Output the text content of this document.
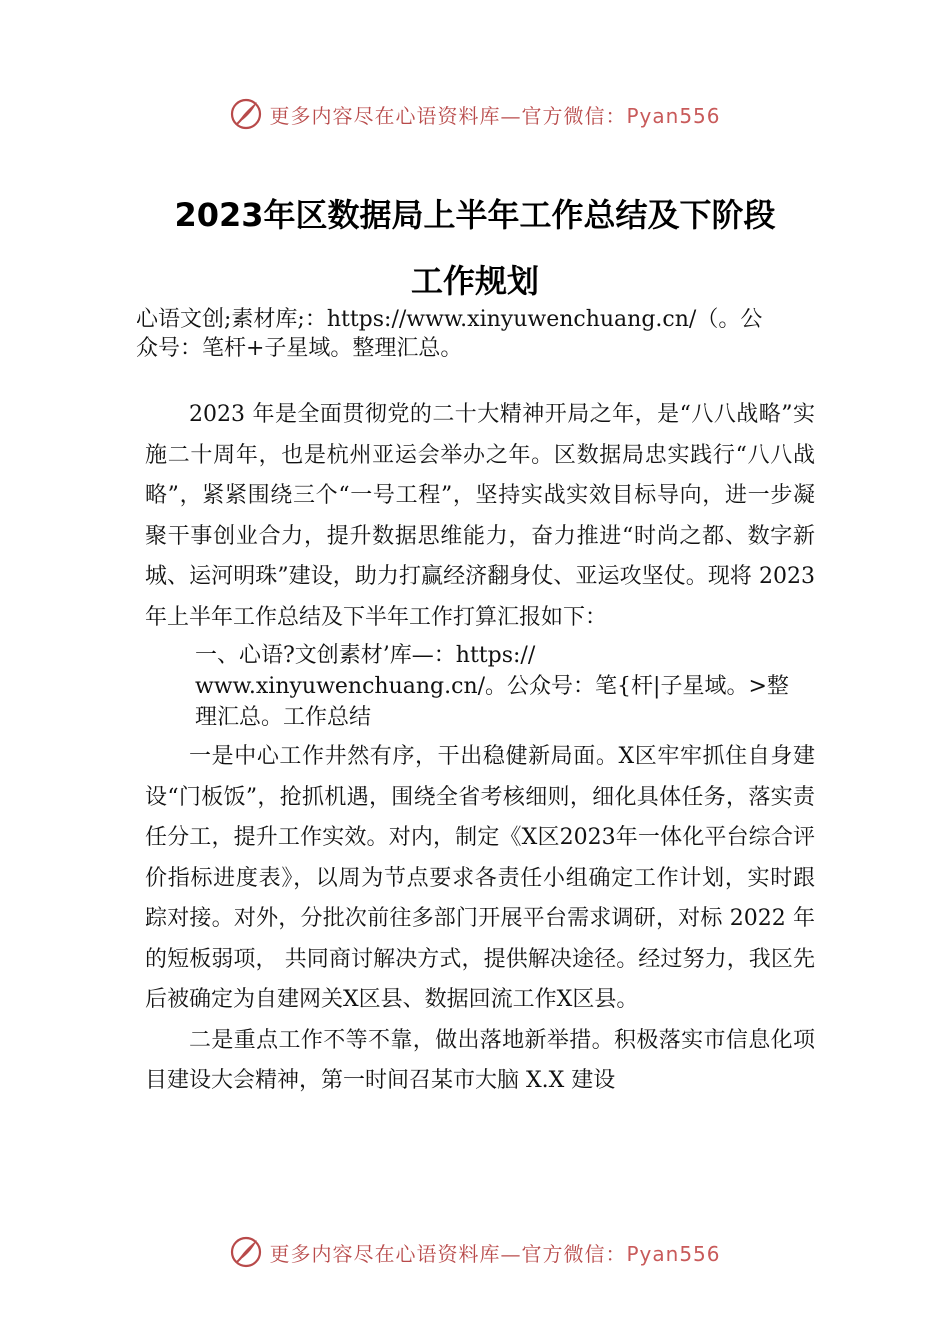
更多内容尽在心语资料库—官方微信：Pyan556
2023年区数据局上半年工作总结及下阶段
工作规划
心语文创;素材库;：https://www.xinyuwenchuang.cn/（。公
众号：笔杆+子星域。整理汇总。

2023 年是全面贯彻党的二十大精神开局之年，是“八八战略”实施二十周年，也是杭州亚运会举办之年。区数据局忠实践行“八八战略”，紧紧围绕三个“一号工程”，坚持实战实效目标导向，进一步凝聚干事创业合力，提升数据思维能力，奋力推进“时尚之都、数字新城、运河明珠”建设，助力打赢经济翻身仗、亚运攻坚仗。现将 2023 年上半年工作总结及下半年工作打算汇报如下：

一、心语?文创素材’库—：https://
www.xinyuwenchuang.cn/。公众号：笔{杆|子星域。>整
理汇总。工作总结

一是中心工作井然有序，干出稳健新局面。X区牢牢抓住自身建设“门板饭”，抢抓机遇，围绕全省考核细则，细化具体任务，落实责任分工，提升工作实效。对内，制定《X区2023年一体化平台综合评价指标进度表》，以周为节点要求各责任小组确定工作计划，实时跟踪对接。对外，分批次前往多部门开展平台需求调研，对标 2022 年的短板弱项， 共同商讨解决方式，提供解决途径。经过努力，我区先后被确定为自建网关X区县、数据回流工作X区县。

二是重点工作不等不靠，做出落地新举措。积极落实市信息化项目建设大会精神，第一时间召某市大脑 X.X 建设

更多内容尽在心语资料库—官方微信：Pyan556
